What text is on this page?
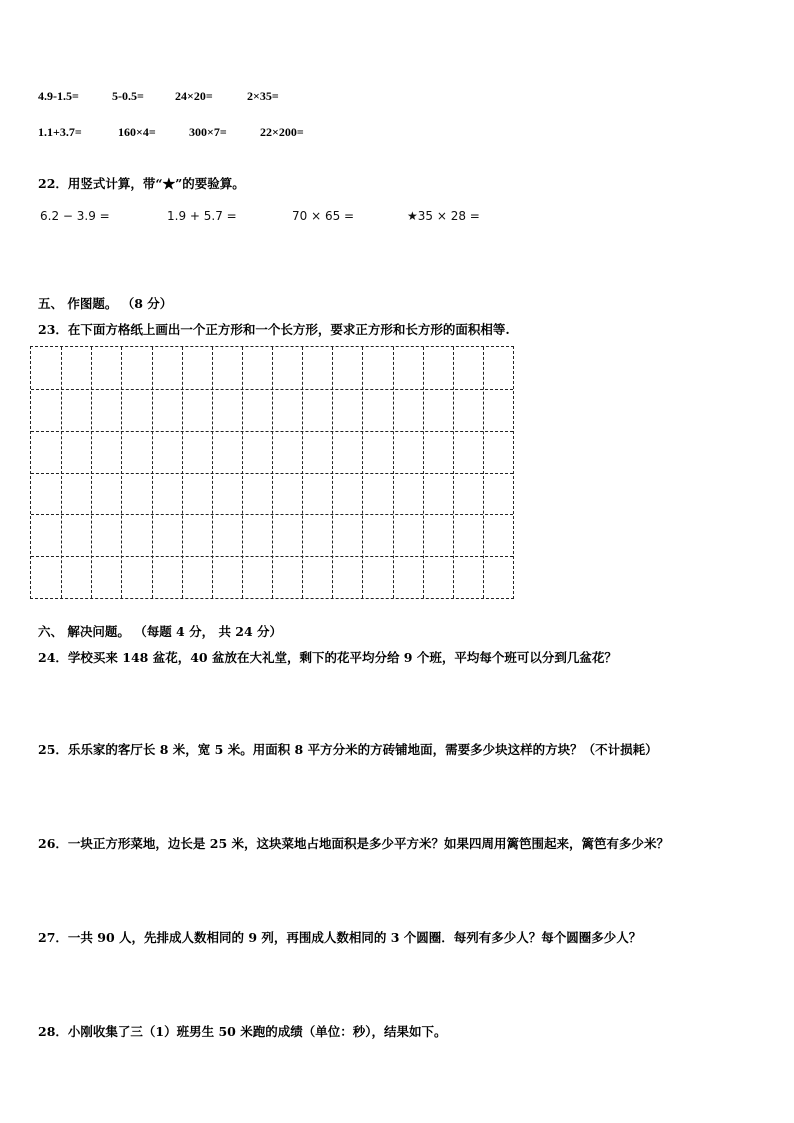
4.9-1.5=	5-0.5=	24×20=	2×35=
1.1+3.7=	160×4=	300×7=	22×200=
22．用竖式计算，带“★”的要验算。
6.2 − 3.9 =	1.9 + 5.7 =	70 × 65 =	★35 × 28 =
五、 作图题。 （8 分）
23．在下面方格纸上画出一个正方形和一个长方形，要求正方形和长方形的面积相等.
六、 解决问题。 （每题 4 分， 共 24 分）
24．学校买来 148 盆花，40 盆放在大礼堂，剩下的花平均分给 9 个班，平均每个班可以分到几盆花？
25．乐乐家的客厅长 8 米，宽 5 米。用面积 8 平方分米的方砖铺地面，需要多少块这样的方块？（不计损耗）
26．一块正方形菜地，边长是 25 米，这块菜地占地面积是多少平方米？如果四周用篱笆围起来，篱笆有多少米？
27．一共 90 人，先排成人数相同的 9 列，再围成人数相同的 3 个圆圈．每列有多少人？每个圆圈多少人？
28．小刚收集了三（1）班男生 50 米跑的成绩（单位：秒），结果如下。
